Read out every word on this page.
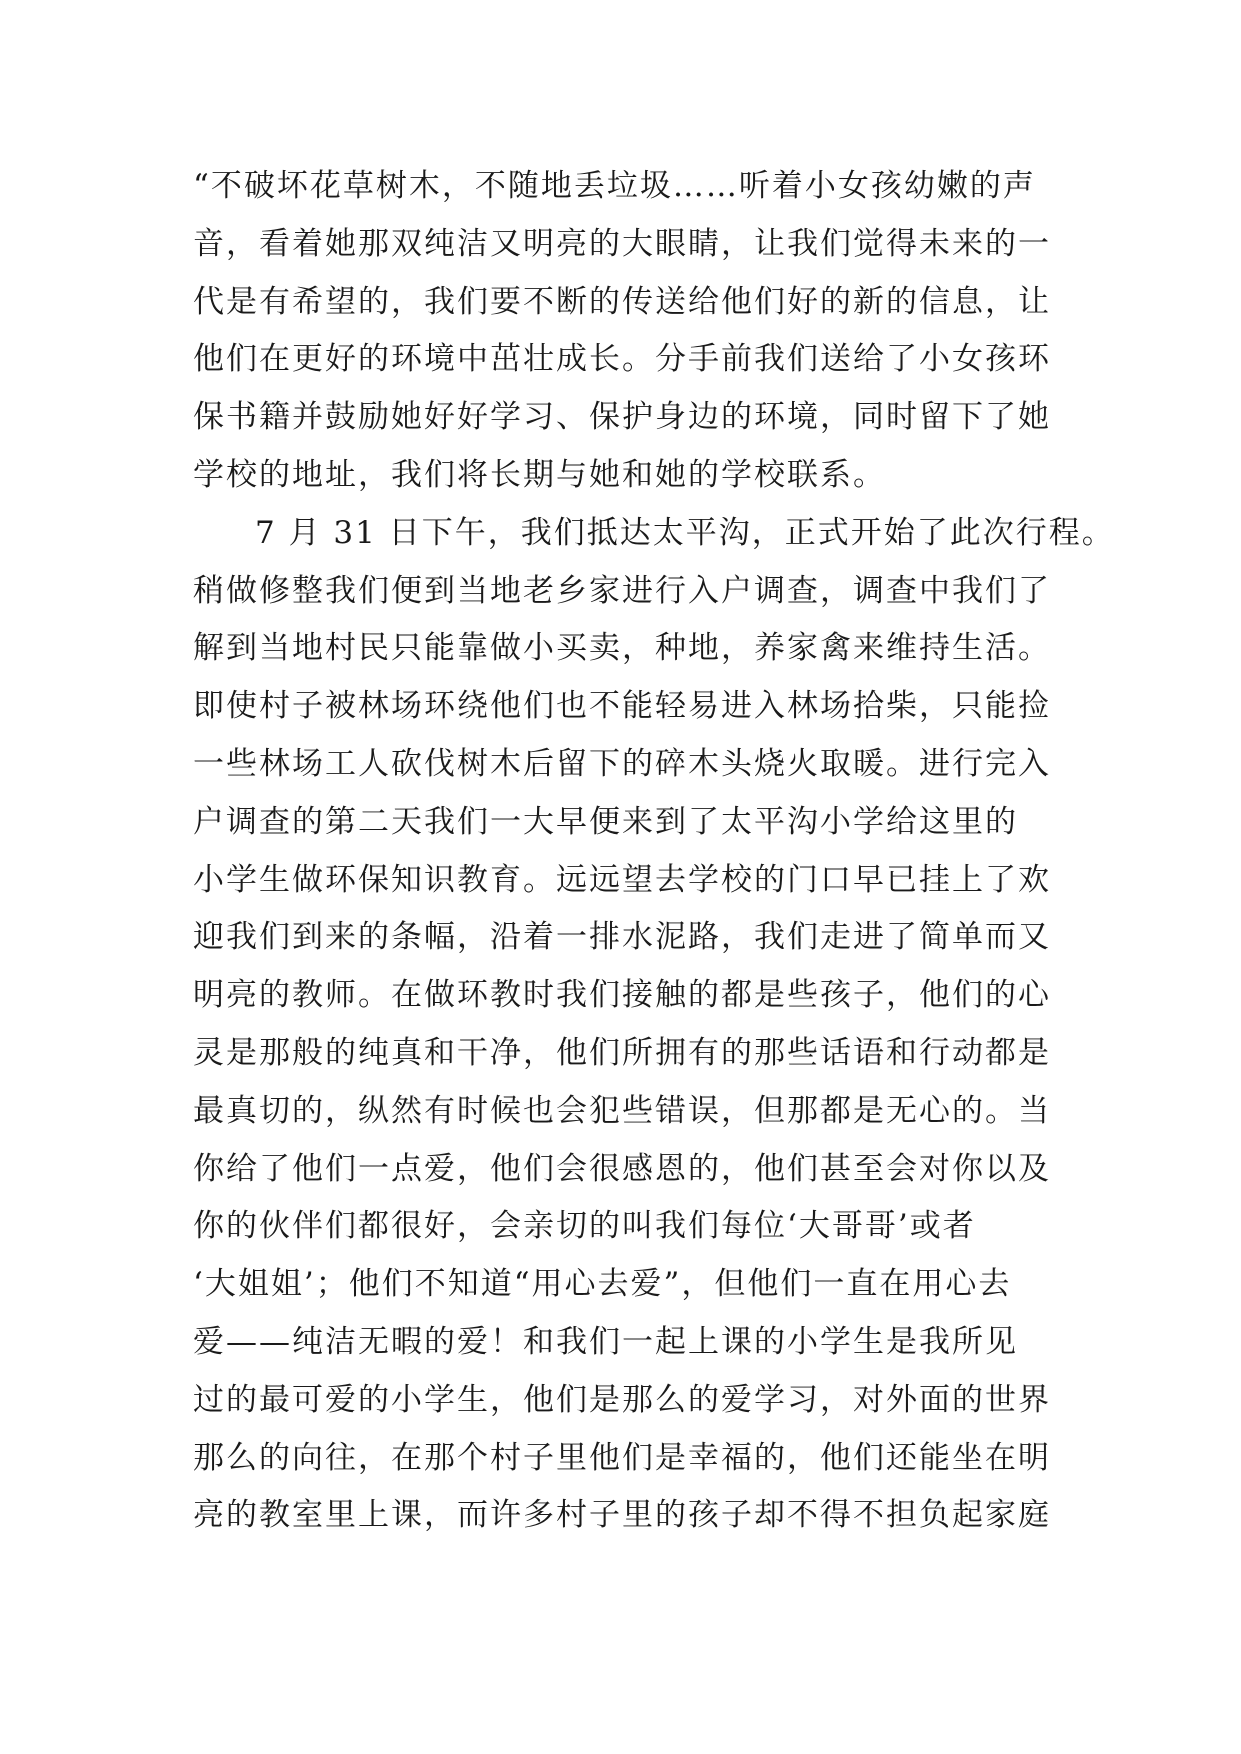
“不破坏花草树木，不随地丢垃圾……听着小女孩幼嫩的声
音，看着她那双纯洁又明亮的大眼睛，让我们觉得未来的一
代是有希望的，我们要不断的传送给他们好的新的信息，让
他们在更好的环境中茁壮成长。分手前我们送给了小女孩环
保书籍并鼓励她好好学习、保护身边的环境，同时留下了她
学校的地址，我们将长期与她和她的学校联系。
7 月 31 日下午，我们抵达太平沟，正式开始了此次行程。
稍做修整我们便到当地老乡家进行入户调查，调查中我们了
解到当地村民只能靠做小买卖，种地，养家禽来维持生活。
即使村子被林场环绕他们也不能轻易进入林场拾柴，只能捡
一些林场工人砍伐树木后留下的碎木头烧火取暖。进行完入
户调查的第二天我们一大早便来到了太平沟小学给这里的
小学生做环保知识教育。远远望去学校的门口早已挂上了欢
迎我们到来的条幅，沿着一排水泥路，我们走进了简单而又
明亮的教师。在做环教时我们接触的都是些孩子，他们的心
灵是那般的纯真和干净，他们所拥有的那些话语和行动都是
最真切的，纵然有时候也会犯些错误，但那都是无心的。当
你给了他们一点爱，他们会很感恩的，他们甚至会对你以及
你的伙伴们都很好，会亲切的叫我们每位‘大哥哥’或者
‘大姐姐’；他们不知道“用心去爱”，但他们一直在用心去
爱——纯洁无暇的爱！和我们一起上课的小学生是我所见
过的最可爱的小学生，他们是那么的爱学习，对外面的世界
那么的向往，在那个村子里他们是幸福的，他们还能坐在明
亮的教室里上课，而许多村子里的孩子却不得不担负起家庭
